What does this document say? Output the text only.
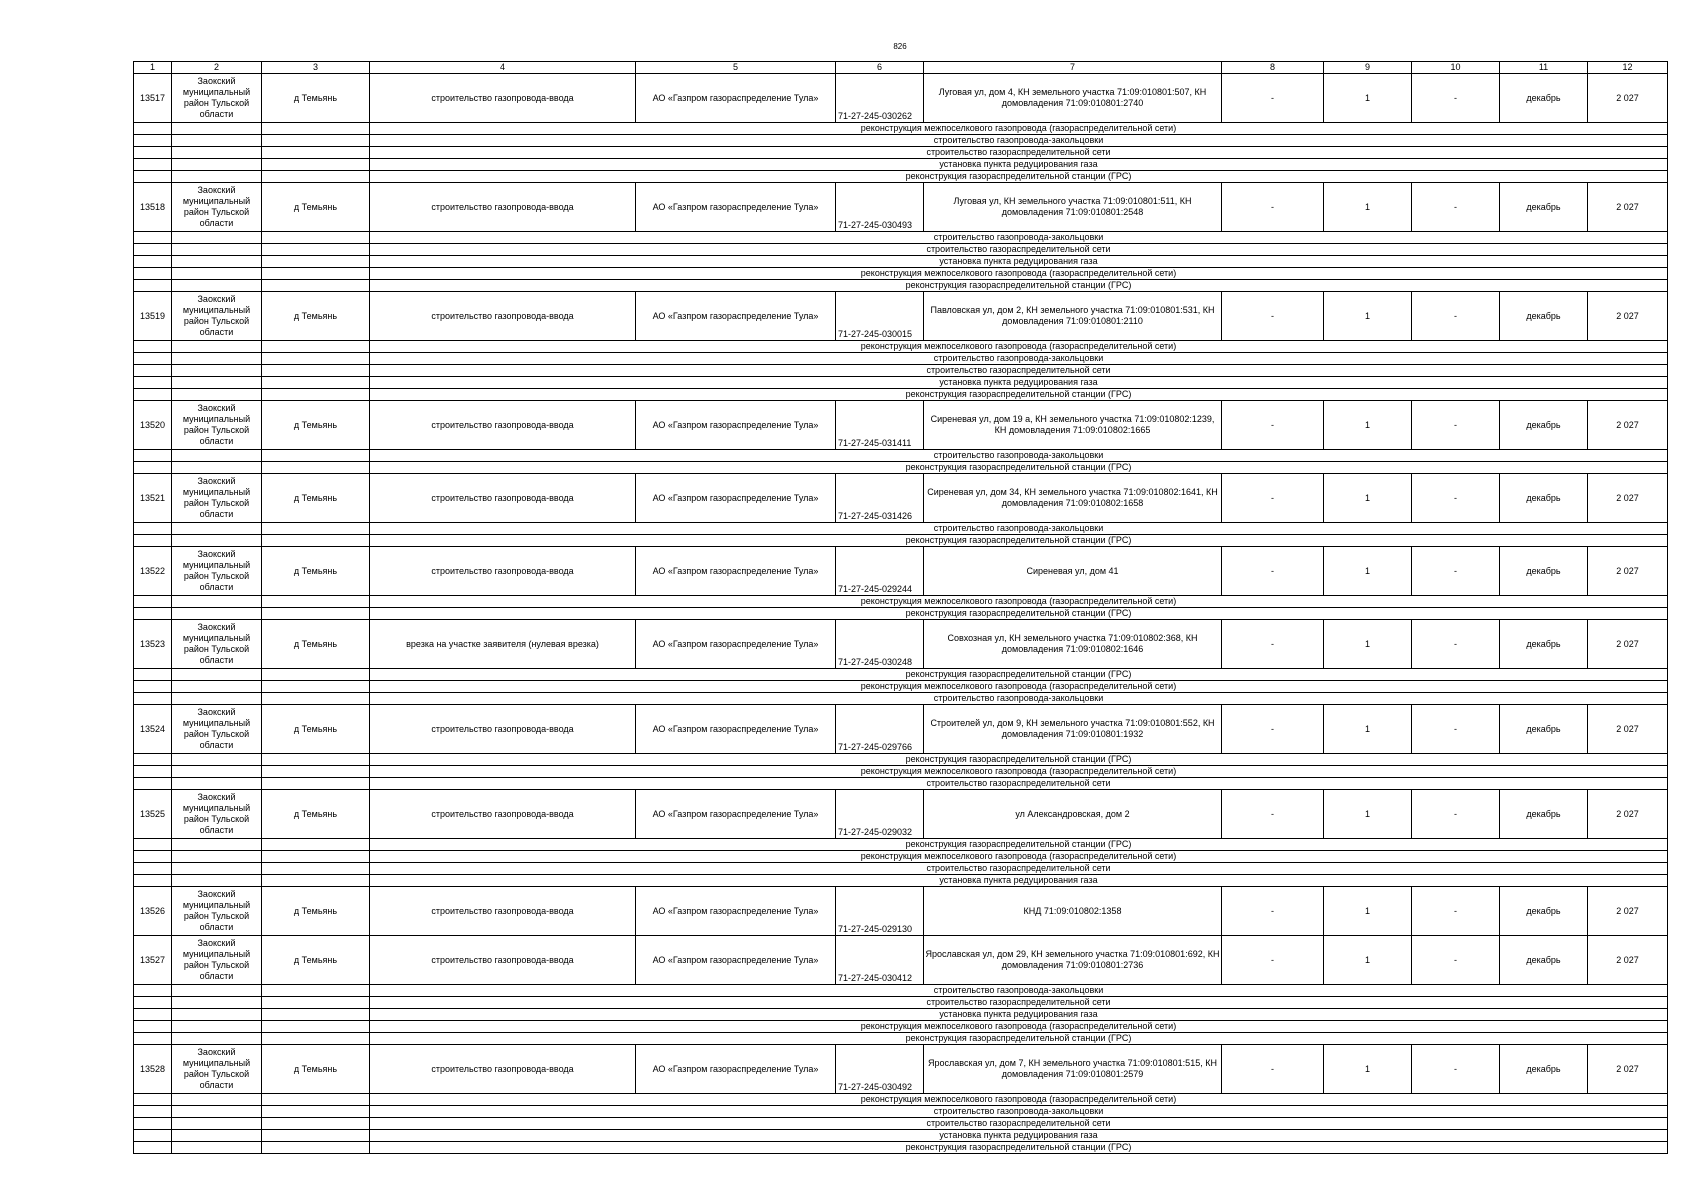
826
1	2	3	4	5	6	7	8	9	10	11	12
13517	Заокский муниципальный район Тульской области	д Темьянь	строительство газопровода-ввода	АО «Газпром газораспределение Тула»	71-27-245-030262	Луговая ул, дом 4, КН земельного участка 71:09:010801:507, КН домовладения 71:09:010801:2740	-	1	-	декабрь	2 027
			реконструкция межпоселкового газопровода (газораспределительной сети)								
			строительство газопровода-закольцовки								
			строительство газораспределительной сети								
			установка пункта редуцирования газа								
			реконструкция газораспределительной станции (ГРС)								
13518	Заокский муниципальный район Тульской области	д Темьянь	строительство газопровода-ввода	АО «Газпром газораспределение Тула»	71-27-245-030493	Луговая ул, КН земельного участка 71:09:010801:511, КН домовладения 71:09:010801:2548	-	1	-	декабрь	2 027
			строительство газопровода-закольцовки								
			строительство газораспределительной сети								
			установка пункта редуцирования газа								
			реконструкция межпоселкового газопровода (газораспределительной сети)								
			реконструкция газораспределительной станции (ГРС)								
13519	Заокский муниципальный район Тульской области	д Темьянь	строительство газопровода-ввода	АО «Газпром газораспределение Тула»	71-27-245-030015	Павловская ул, дом 2, КН земельного участка 71:09:010801:531, КН домовладения 71:09:010801:2110	-	1	-	декабрь	2 027
			реконструкция межпоселкового газопровода (газораспределительной сети)								
			строительство газопровода-закольцовки								
			строительство газораспределительной сети								
			установка пункта редуцирования газа								
			реконструкция газораспределительной станции (ГРС)								
13520	Заокский муниципальный район Тульской области	д Темьянь	строительство газопровода-ввода	АО «Газпром газораспределение Тула»	71-27-245-031411	Сиреневая ул, дом 19 а, КН земельного участка 71:09:010802:1239, КН домовладения 71:09:010802:1665	-	1	-	декабрь	2 027
			строительство газопровода-закольцовки								
			реконструкция газораспределительной станции (ГРС)								
13521	Заокский муниципальный район Тульской области	д Темьянь	строительство газопровода-ввода	АО «Газпром газораспределение Тула»	71-27-245-031426	Сиреневая ул, дом 34, КН земельного участка 71:09:010802:1641, КН домовладения 71:09:010802:1658	-	1	-	декабрь	2 027
			строительство газопровода-закольцовки								
			реконструкция газораспределительной станции (ГРС)								
13522	Заокский муниципальный район Тульской области	д Темьянь	строительство газопровода-ввода	АО «Газпром газораспределение Тула»	71-27-245-029244	Сиреневая ул, дом 41	-	1	-	декабрь	2 027
			реконструкция межпоселкового газопровода (газораспределительной сети)								
			реконструкция газораспределительной станции (ГРС)								
13523	Заокский муниципальный район Тульской области	д Темьянь	врезка на участке заявителя (нулевая врезка)	АО «Газпром газораспределение Тула»	71-27-245-030248	Совхозная ул, КН земельного участка 71:09:010802:368, КН домовладения 71:09:010802:1646	-	1	-	декабрь	2 027
			реконструкция газораспределительной станции (ГРС)								
			реконструкция межпоселкового газопровода (газораспределительной сети)								
			строительство газопровода-закольцовки								
13524	Заокский муниципальный район Тульской области	д Темьянь	строительство газопровода-ввода	АО «Газпром газораспределение Тула»	71-27-245-029766	Строителей ул, дом 9, КН земельного участка 71:09:010801:552, КН домовладения 71:09:010801:1932	-	1	-	декабрь	2 027
			реконструкция газораспределительной станции (ГРС)								
			реконструкция межпоселкового газопровода (газораспределительной сети)								
			строительство газораспределительной сети								
13525	Заокский муниципальный район Тульской области	д Темьянь	строительство газопровода-ввода	АО «Газпром газораспределение Тула»	71-27-245-029032	ул Александровская, дом 2	-	1	-	декабрь	2 027
			реконструкция газораспределительной станции (ГРС)								
			реконструкция межпоселкового газопровода (газораспределительной сети)								
			строительство газораспределительной сети								
			установка пункта редуцирования газа								
13526	Заокский муниципальный район Тульской области	д Темьянь	строительство газопровода-ввода	АО «Газпром газораспределение Тула»	71-27-245-029130	КНД 71:09:010802:1358	-	1	-	декабрь	2 027
13527	Заокский муниципальный район Тульской области	д Темьянь	строительство газопровода-ввода	АО «Газпром газораспределение Тула»	71-27-245-030412	Ярославская ул, дом 29, КН земельного участка 71:09:010801:692, КН домовладения 71:09:010801:2736	-	1	-	декабрь	2 027
			строительство газопровода-закольцовки								
			строительство газораспределительной сети								
			установка пункта редуцирования газа								
			реконструкция межпоселкового газопровода (газораспределительной сети)								
			реконструкция газораспределительной станции (ГРС)								
13528	Заокский муниципальный район Тульской области	д Темьянь	строительство газопровода-ввода	АО «Газпром газораспределение Тула»	71-27-245-030492	Ярославская ул, дом 7, КН земельного участка 71:09:010801:515, КН домовладения 71:09:010801:2579	-	1	-	декабрь	2 027
			реконструкция межпоселкового газопровода (газораспределительной сети)								
			строительство газопровода-закольцовки								
			строительство газораспределительной сети								
			установка пункта редуцирования газа								
			реконструкция газораспределительной станции (ГРС)								
